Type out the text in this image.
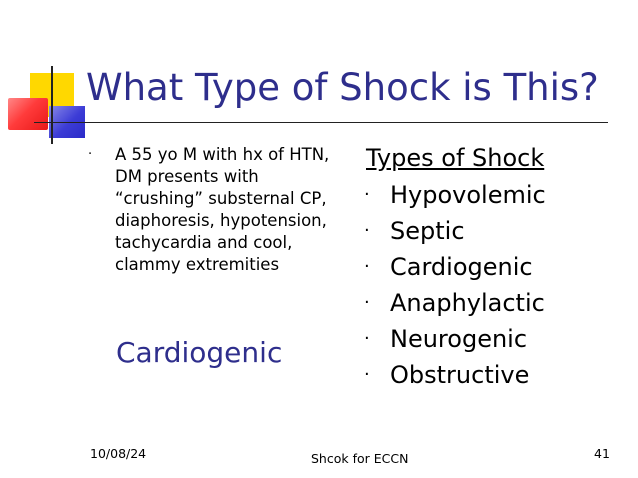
What Type of Shock is This?
· A 55 yo M with hx of HTN,
DM presents with
“crushing” substernal CP,
diaphoresis, hypotension,
tachycardia and cool,
clammy extremities
Cardiogenic
Types of Shock
· Hypovolemic
· Septic
· Cardiogenic
· Anaphylactic
· Neurogenic
· Obstructive
10/08/24	Shcok for ECCN	41
